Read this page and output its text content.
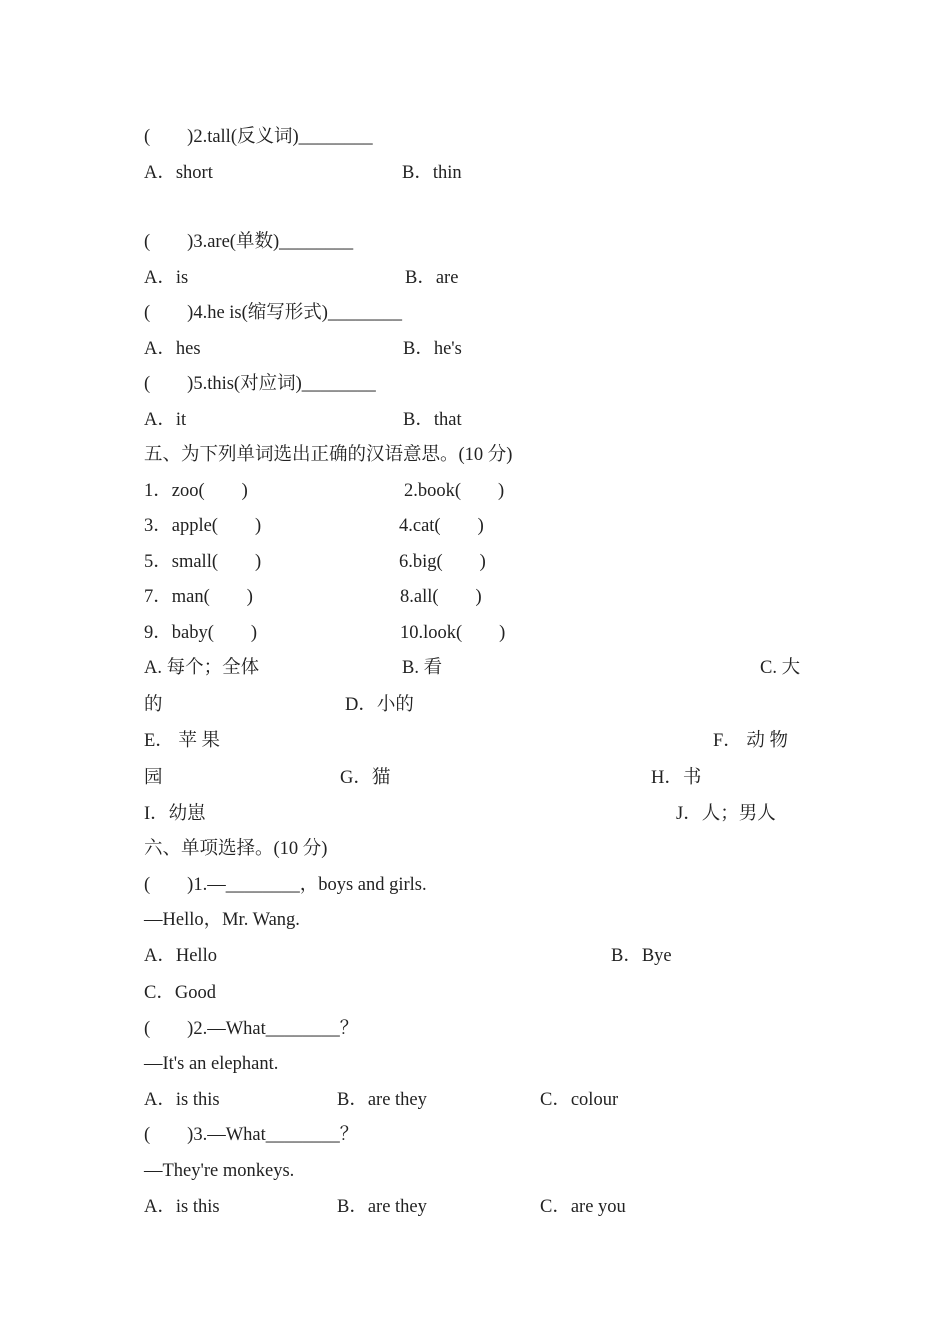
(        )2.tall(反义词)________
A．short	B．thin
(        )3.are(单数)________
A．is	B．are
(        )4.he is(缩写形式)________
A．hes	B．he's
(        )5.this(对应词)________
A．it	B．that
五、为下列单词选出正确的汉语意思。(10 分)
1．zoo(        )	2.book(        )
3．apple(        )	4.cat(        )
5．small(        )	6.big(        )
7．man(        )	8.all(        )
9．baby(        )	10.look(        )
A. 每个；全体	B. 看	C. 大
的	D．小的
E． 苹 果	F． 动 物
园	G．猫	H．书
I．幼崽	J．人；男人
六、单项选择。(10 分)
(        )1.—________，boys and girls.
—Hello，Mr. Wang.
A．Hello	B．Bye
C．Good
(        )2.—What________？
—It's an elephant.
A．is this	B．are they	C．colour
(        )3.—What________？
—They're monkeys.
A．is this	B．are they	C．are you
